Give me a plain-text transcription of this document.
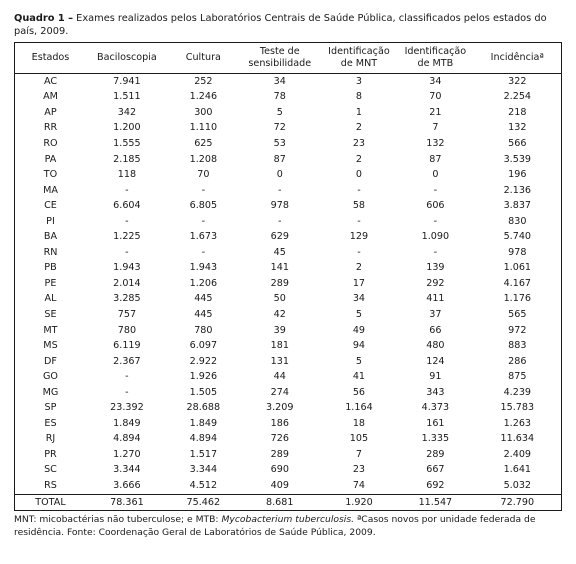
Quadro 1 – Exames realizados pelos Laboratórios Centrais de Saúde Pública, classificados pelos estados do país, 2009.

Estados	Baciloscopia	Cultura	Teste de sensibilidade	Identificação de MNT	Identificação de MTB	Incidênciaª
AC	7.941	252	34	3	34	322
AM	1.511	1.246	78	8	70	2.254
AP	342	300	5	1	21	218
RR	1.200	1.110	72	2	7	132
RO	1.555	625	53	23	132	566
PA	2.185	1.208	87	2	87	3.539
TO	118	70	0	0	0	196
MA	-	-	-	-	-	2.136
CE	6.604	6.805	978	58	606	3.837
PI	-	-	-	-	-	830
BA	1.225	1.673	629	129	1.090	5.740
RN	-	-	45	-	-	978
PB	1.943	1.943	141	2	139	1.061
PE	2.014	1.206	289	17	292	4.167
AL	3.285	445	50	34	411	1.176
SE	757	445	42	5	37	565
MT	780	780	39	49	66	972
MS	6.119	6.097	181	94	480	883
DF	2.367	2.922	131	5	124	286
GO	-	1.926	44	41	91	875
MG	-	1.505	274	56	343	4.239
SP	23.392	28.688	3.209	1.164	4.373	15.783
ES	1.849	1.849	186	18	161	1.263
RJ	4.894	4.894	726	105	1.335	11.634
PR	1.270	1.517	289	7	289	2.409
SC	3.344	3.344	690	23	667	1.641
RS	3.666	4.512	409	74	692	5.032
TOTAL	78.361	75.462	8.681	1.920	11.547	72.790

MNT: micobactérias não tuberculose; e MTB: Mycobacterium tuberculosis. ªCasos novos por unidade federada de residência. Fonte: Coordenação Geral de Laboratórios de Saúde Pública, 2009.
